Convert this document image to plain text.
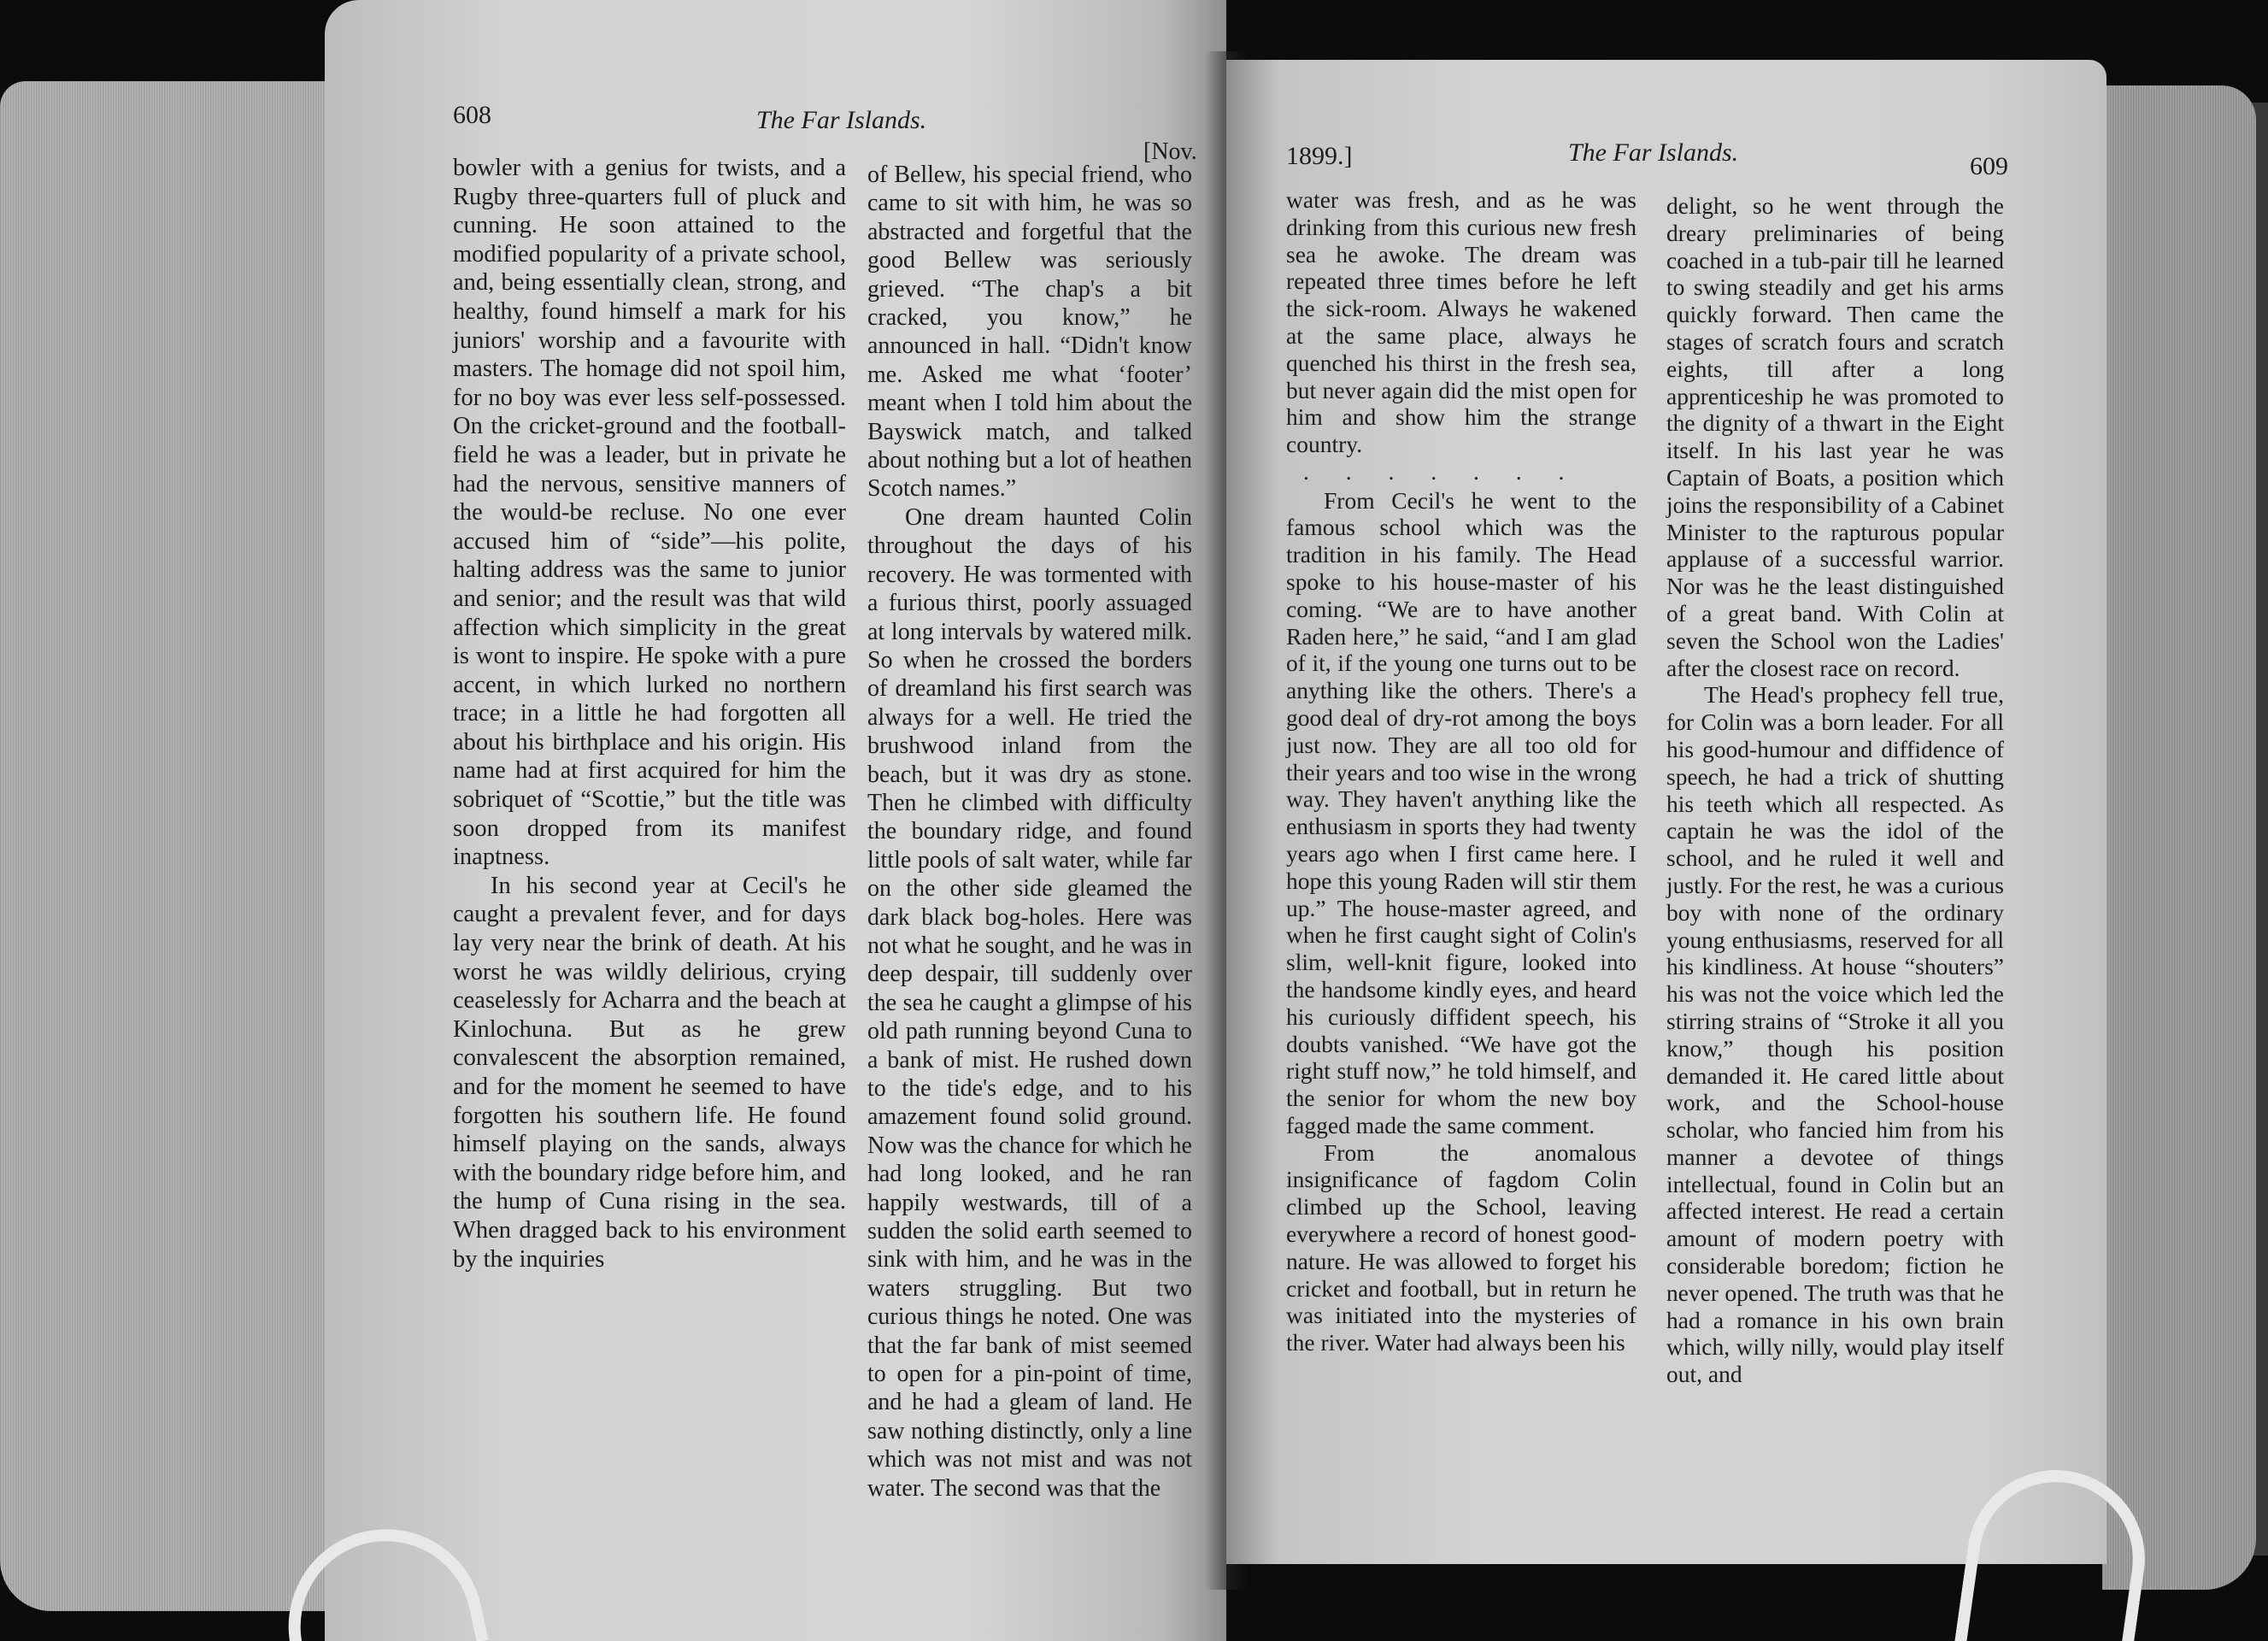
608	The Far Islands.
[Nov.

bowler with a genius for twists, and a Rugby three-quarters full of pluck and cunning. He soon attained to the modified popularity of a private school, and, being essentially clean, strong, and healthy, found himself a mark for his juniors' worship and a favourite with masters. The homage did not spoil him, for no boy was ever less self-possessed. On the cricket-ground and the football-field he was a leader, but in private he had the nervous, sensitive manners of the would-be recluse. No one ever accused him of “side”—his polite, halting address was the same to junior and senior; and the result was that wild affection which simplicity in the great is wont to inspire. He spoke with a pure accent, in which lurked no northern trace; in a little he had forgotten all about his birthplace and his origin. His name had at first acquired for him the sobriquet of “Scottie,” but the title was soon dropped from its manifest inaptness.

In his second year at Cecil's he caught a prevalent fever, and for days lay very near the brink of death. At his worst he was wildly delirious, crying ceaselessly for Acharra and the beach at Kinlochuna. But as he grew convalescent the absorption remained, and for the moment he seemed to have forgotten his southern life. He found himself playing on the sands, always with the boundary ridge before him, and the hump of Cuna rising in the sea. When dragged back to his environment by the inquiries

of Bellew, his special friend, who came to sit with him, he was so abstracted and forgetful that the good Bellew was seriously grieved. “The chap's a bit cracked, you know,” he announced in hall. “Didn't know me. Asked me what ‘footer’ meant when I told him about the Bayswick match, and talked about nothing but a lot of heathen Scotch names.”

One dream haunted Colin throughout the days of his recovery. He was tormented with a furious thirst, poorly assuaged at long intervals by watered milk. So when he crossed the borders of dreamland his first search was always for a well. He tried the brushwood inland from the beach, but it was dry as stone. Then he climbed with difficulty the boundary ridge, and found little pools of salt water, while far on the other side gleamed the dark black bog-holes. Here was not what he sought, and he was in deep despair, till suddenly over the sea he caught a glimpse of his old path running beyond Cuna to a bank of mist. He rushed down to the tide's edge, and to his amazement found solid ground. Now was the chance for which he had long looked, and he ran happily westwards, till of a sudden the solid earth seemed to sink with him, and he was in the waters struggling. But two curious things he noted. One was that the far bank of mist seemed to open for a pin-point of time, and he had a gleam of land. He saw nothing distinctly, only a line which was not mist and was not water. The second was that the

1899.]	The Far Islands.	609

water was fresh, and as he was drinking from this curious new fresh sea he awoke. The dream was repeated three times before he left the sick-room. Always he wakened at the same place, always he quenched his thirst in the fresh sea, but never again did the mist open for him and show him the strange country.

. . . . . . .

From Cecil's he went to the famous school which was the tradition in his family. The Head spoke to his house-master of his coming. “We are to have another Raden here,” he said, “and I am glad of it, if the young one turns out to be anything like the others. There's a good deal of dry-rot among the boys just now. They are all too old for their years and too wise in the wrong way. They haven't anything like the enthusiasm in sports they had twenty years ago when I first came here. I hope this young Raden will stir them up.” The house-master agreed, and when he first caught sight of Colin's slim, well-knit figure, looked into the handsome kindly eyes, and heard his curiously diffident speech, his doubts vanished. “We have got the right stuff now,” he told himself, and the senior for whom the new boy fagged made the same comment.

From the anomalous insignificance of fagdom Colin climbed up the School, leaving everywhere a record of honest good-nature. He was allowed to forget his cricket and football, but in return he was initiated into the mysteries of the river. Water had always been his

delight, so he went through the dreary preliminaries of being coached in a tub-pair till he learned to swing steadily and get his arms quickly forward. Then came the stages of scratch fours and scratch eights, till after a long apprenticeship he was promoted to the dignity of a thwart in the Eight itself. In his last year he was Captain of Boats, a position which joins the responsibility of a Cabinet Minister to the rapturous popular applause of a successful warrior. Nor was he the least distinguished of a great band. With Colin at seven the School won the Ladies' after the closest race on record.

The Head's prophecy fell true, for Colin was a born leader. For all his good-humour and diffidence of speech, he had a trick of shutting his teeth which all respected. As captain he was the idol of the school, and he ruled it well and justly. For the rest, he was a curious boy with none of the ordinary young enthusiasms, reserved for all his kindliness. At house “shouters” his was not the voice which led the stirring strains of “Stroke it all you know,” though his position demanded it. He cared little about work, and the School-house scholar, who fancied him from his manner a devotee of things intellectual, found in Colin but an affected interest. He read a certain amount of modern poetry with considerable boredom; fiction he never opened. The truth was that he had a romance in his own brain which, willy nilly, would play itself out, and
